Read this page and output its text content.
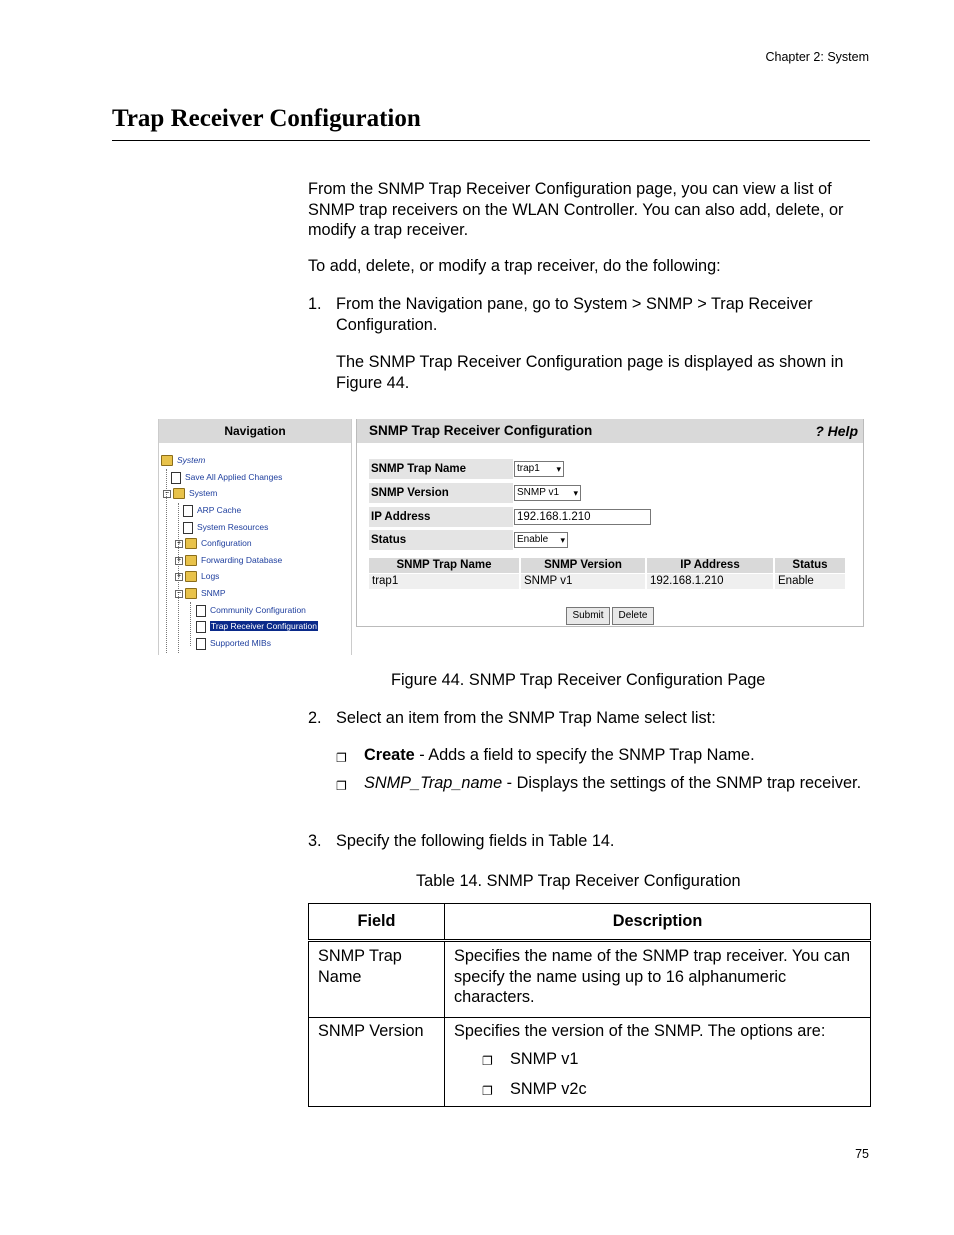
Chapter 2: System
Trap Receiver Configuration
From the SNMP Trap Receiver Configuration page, you can view a list of SNMP trap receivers on the WLAN Controller. You can also add, delete, or modify a trap receiver.
To add, delete, or modify a trap receiver, do the following:
1. From the Navigation pane, go to System > SNMP > Trap Receiver Configuration.
The SNMP Trap Receiver Configuration page is displayed as shown in Figure 44.
Navigation
System
Save All Applied Changes
− System
ARP Cache
System Resources
+ Configuration
+ Forwarding Database
+ Logs
− SNMP
Community Configuration
Trap Receiver Configuration
Supported MIBs
SNMP Trap Receiver Configuration	? Help
SNMP Trap Name	trap1 ▾
SNMP Version	SNMP v1 ▾
IP Address	192.168.1.210
Status	Enable ▾
SNMP Trap Name	SNMP Version	IP Address	Status
trap1	SNMP v1	192.168.1.210	Enable
Submit	Delete
Figure 44. SNMP Trap Receiver Configuration Page
2. Select an item from the SNMP Trap Name select list:
❐	Create - Adds a field to specify the SNMP Trap Name.
❐	SNMP_Trap_name - Displays the settings of the SNMP trap receiver.
3. Specify the following fields in Table 14.
Table 14. SNMP Trap Receiver Configuration
Field	Description
SNMP Trap Name	Specifies the name of the SNMP trap receiver. You can specify the name using up to 16 alphanumeric characters.
SNMP Version	Specifies the version of the SNMP. The options are:
❐ SNMP v1
❐ SNMP v2c
75
